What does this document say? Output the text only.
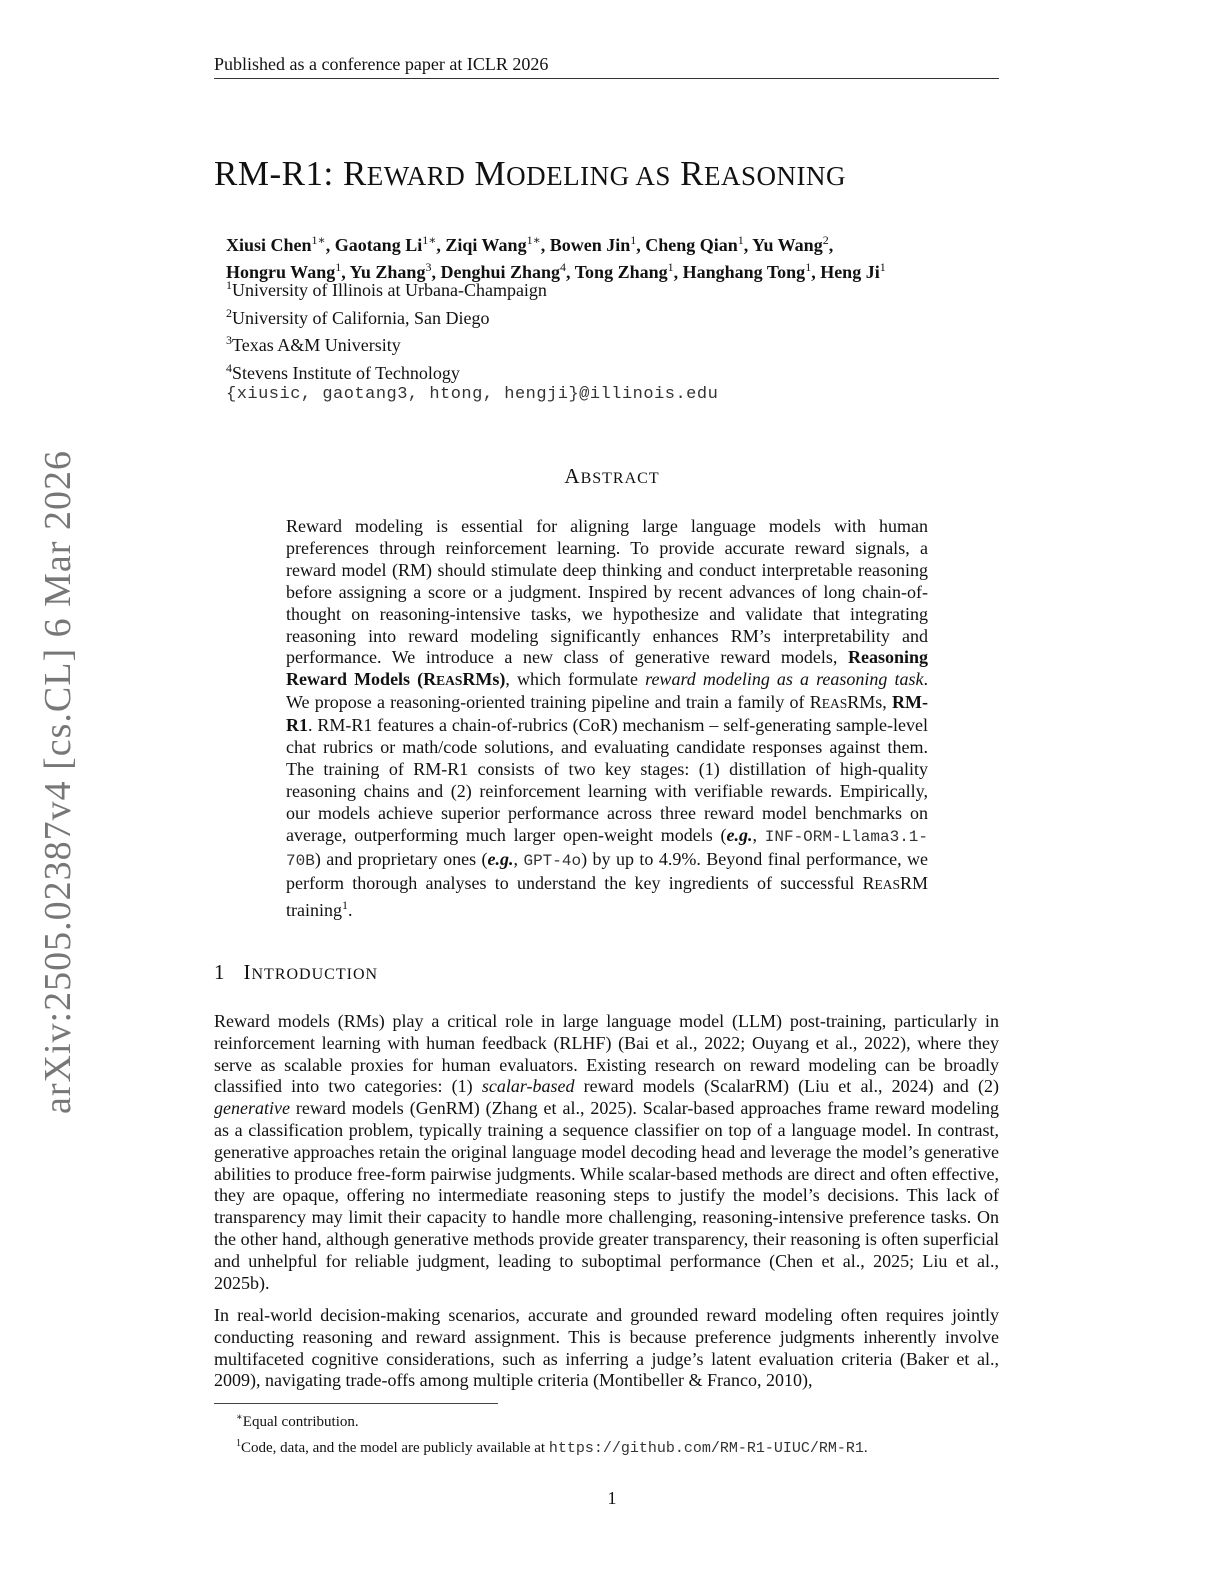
Published as a conference paper at ICLR 2026
arXiv:2505.02387v4 [cs.CL] 6 Mar 2026
RM-R1: REWARD MODELING AS REASONING
Xiusi Chen$^{1∗}$, Gaotang $Li^{1∗}$, Ziqi Wang$^{1∗}$, Bowen Jin$^1$, Cheng Qian$^1$, Yu Wang$^2$,
Hongru Wang$^1$, Yu Zhang$^3$, Denghui Zhang$^4$, Tong Zhang$^1$, Hanghang Tong$^1$, Heng Ji$^1$
$^1$University of Illinois at Urbana-Champaign
$^2$University of California, San Diego
$^3$Texas A&M University
$^4$Stevens Institute of Technology
{xiusic, gaotang3, htong, hengji}@illinois.edu
ABSTRACT
Reward modeling is essential for aligning large language models with human preferences through reinforcement learning. To provide accurate reward signals, a reward model (RM) should stimulate deep thinking and conduct interpretable reasoning before assigning a score or a judgment. Inspired by recent advances of long chain-of-thought on reasoning-intensive tasks, we hypothesize and validate that integrating reasoning into reward modeling significantly enhances RM’s interpretability and performance. We introduce a new class of generative reward models, Reasoning Reward Models (REASRMs), which formulate reward modeling as a reasoning task. We propose a reasoning-oriented training pipeline and train a family of REASRMs, RM-R1. RM-R1 features a chain-of-rubrics (CoR) mechanism – self-generating sample-level chat rubrics or math/code solutions, and evaluating candidate responses against them. The training of RM-R1 consists of two key stages: (1) distillation of high-quality reasoning chains and (2) reinforcement learning with verifiable rewards. Empirically, our models achieve superior performance across three reward model benchmarks on average, outperforming much larger open-weight models (e.g., INF-ORM-Llama3.1-70B) and proprietary ones (e.g., GPT-4o) by up to 4.9%. Beyond final performance, we perform thorough analyses to understand the key ingredients of successful REASRM training$^1$.
1 INTRODUCTION
Reward models (RMs) play a critical role in large language model (LLM) post-training, particularly in reinforcement learning with human feedback (RLHF) (Bai et al., 2022; Ouyang et al., 2022), where they serve as scalable proxies for human evaluators. Existing research on reward modeling can be broadly classified into two categories: (1) scalar-based reward models (ScalarRM) (Liu et al., 2024) and (2) generative reward models (GenRM) (Zhang et al., 2025). Scalar-based approaches frame reward modeling as a classification problem, typically training a sequence classifier on top of a language model. In contrast, generative approaches retain the original language model decoding head and leverage the model’s generative abilities to produce free-form pairwise judgments. While scalar-based methods are direct and often effective, they are opaque, offering no intermediate reasoning steps to justify the model’s decisions. This lack of transparency may limit their capacity to handle more challenging, reasoning-intensive preference tasks. On the other hand, although generative methods provide greater transparency, their reasoning is often superficial and unhelpful for reliable judgment, leading to suboptimal performance (Chen et al., 2025; Liu et al., 2025b).
In real-world decision-making scenarios, accurate and grounded reward modeling often requires jointly conducting reasoning and reward assignment. This is because preference judgments inherently involve multifaceted cognitive considerations, such as inferring a judge’s latent evaluation criteria (Baker et al., 2009), navigating trade-offs among multiple criteria (Montibeller & Franco, 2010),
∗Equal contribution.
$^1$Code, data, and the model are publicly available at https://github.com/RM-R1-UIUC/RM-R1.
1
